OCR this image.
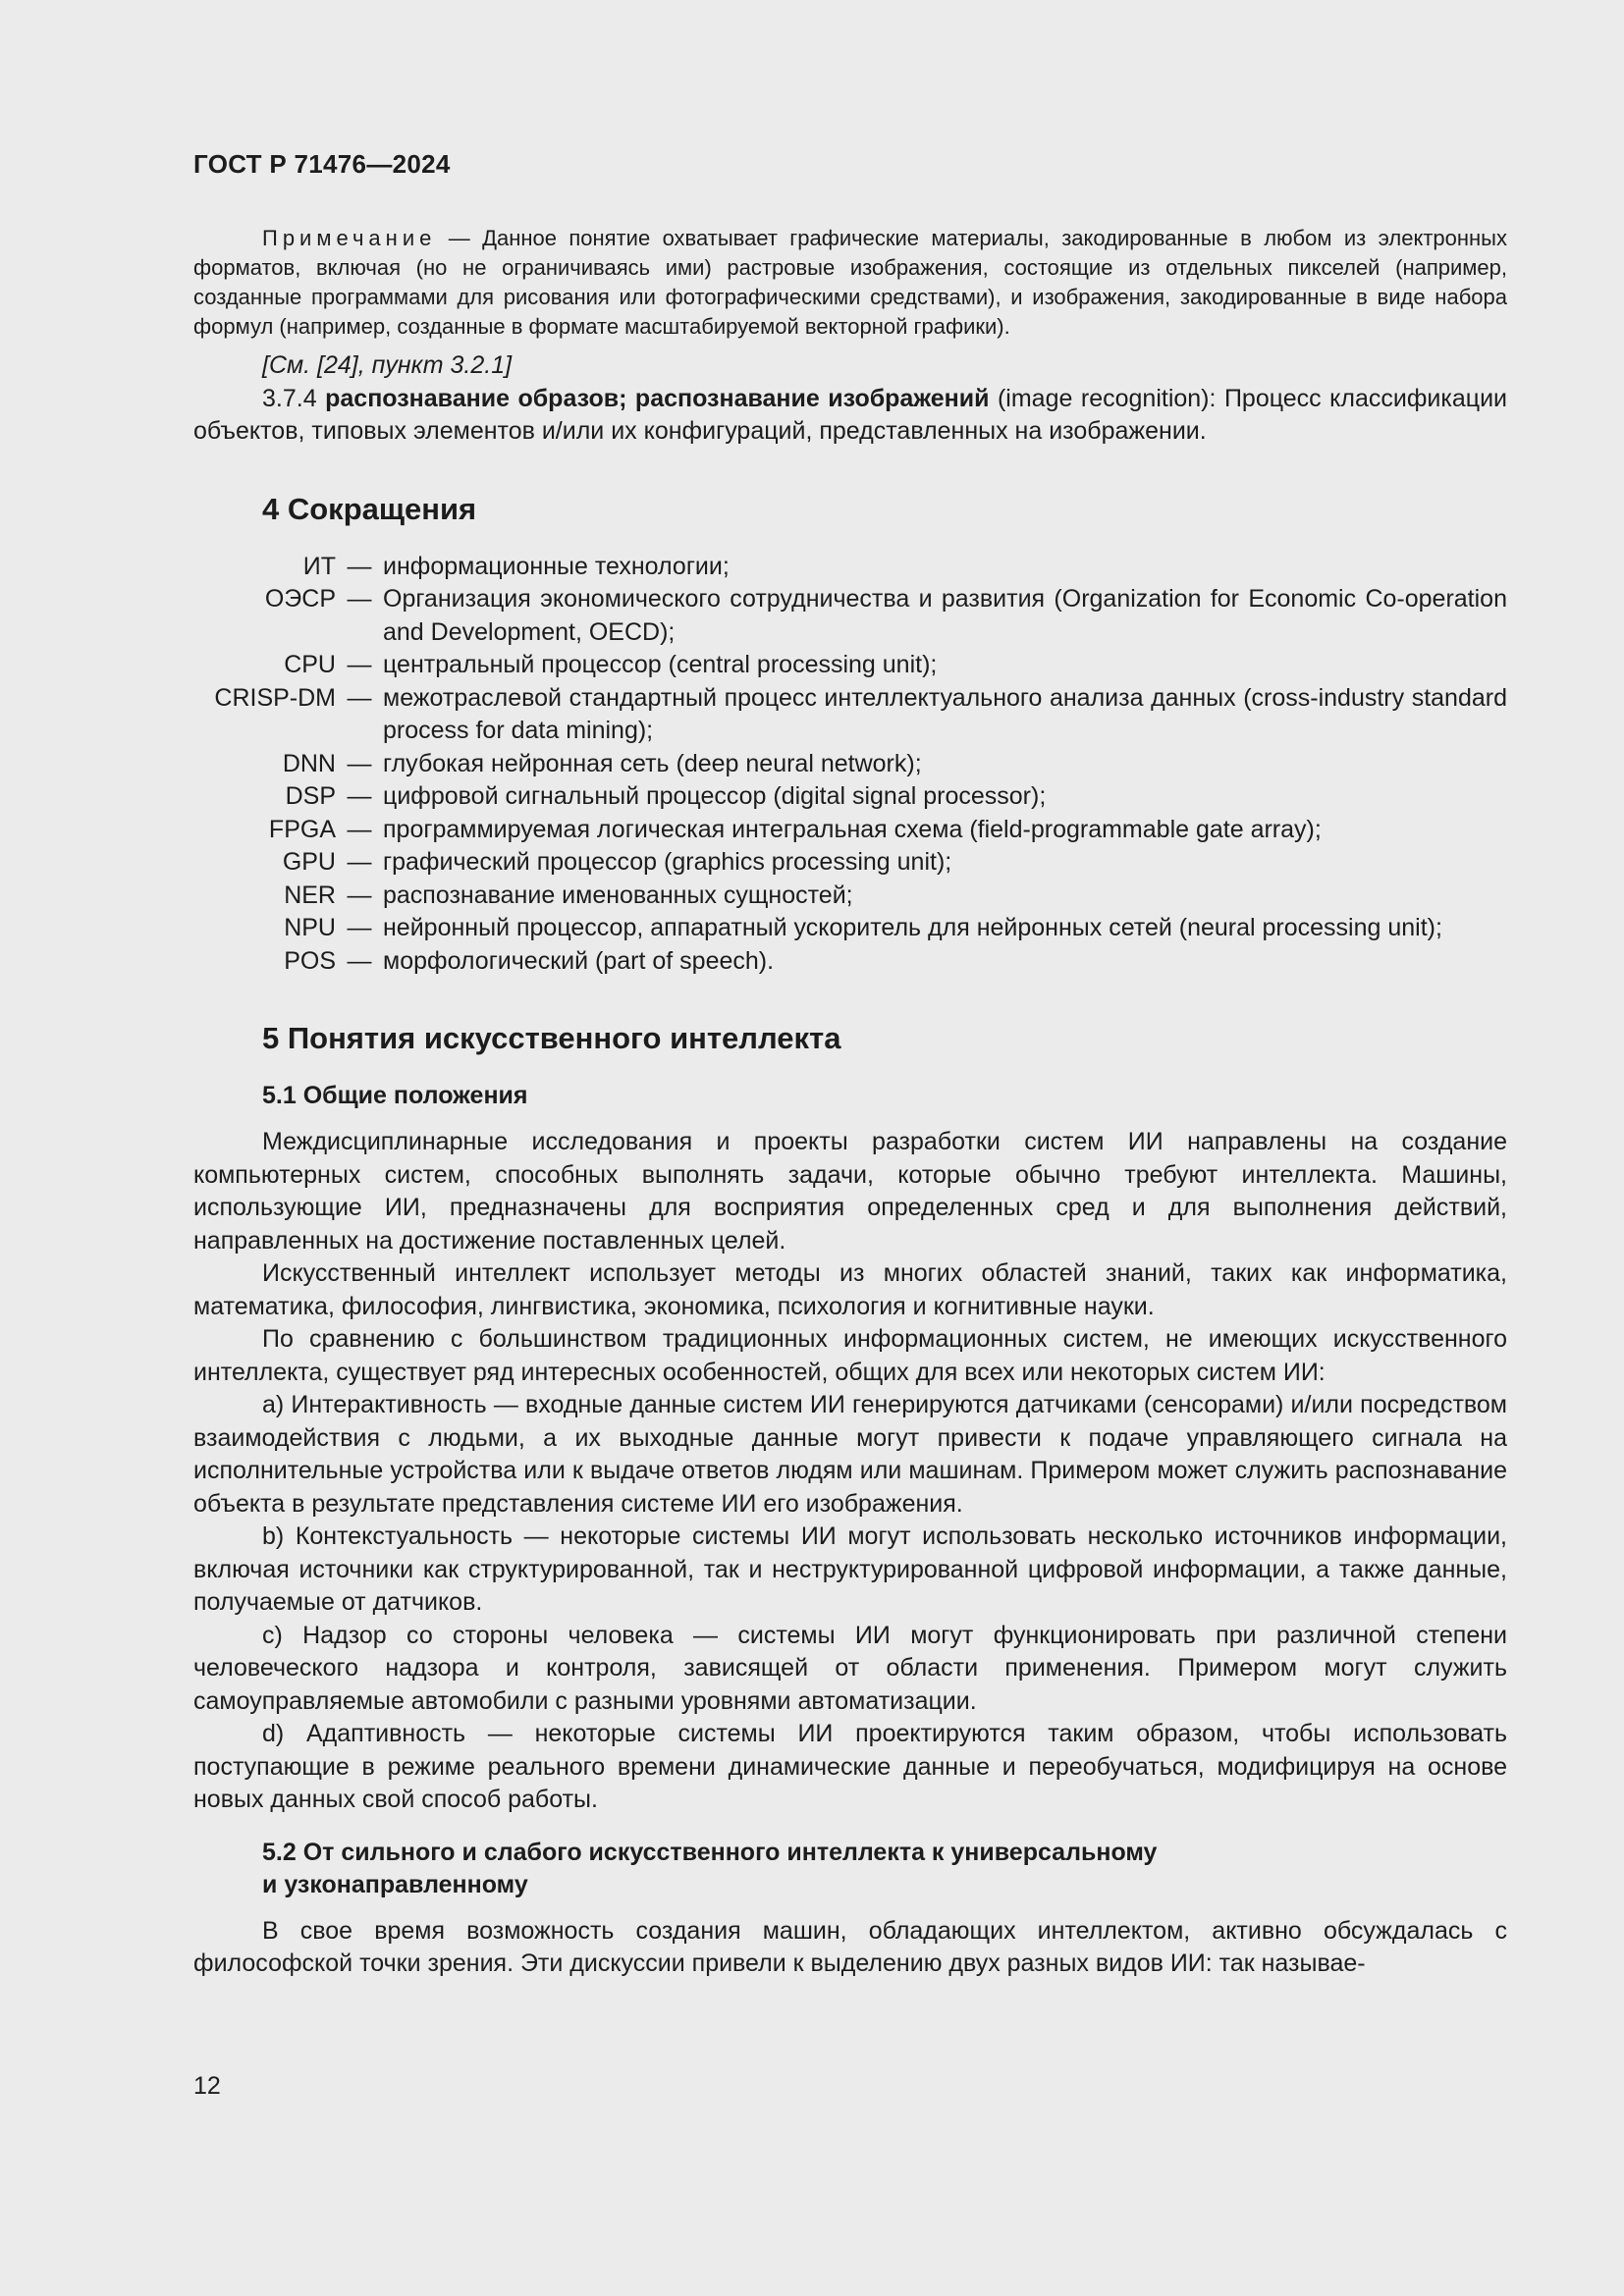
ГОСТ Р 71476—2024

Примечание — Данное понятие охватывает графические материалы, закодированные в любом из электронных форматов, включая (но не ограничиваясь ими) растровые изображения, состоящие из отдельных пикселей (например, созданные программами для рисования или фотографическими средствами), и изображения, закодированные в виде набора формул (например, созданные в формате масштабируемой векторной графики).

[См. [24], пункт 3.2.1]

3.7.4 распознавание образов; распознавание изображений (image recognition): Процесс классификации объектов, типовых элементов и/или их конфигураций, представленных на изображении.

4 Сокращения
ИТ — информационные технологии;
ОЭСР — Организация экономического сотрудничества и развития (Organization for Economic Co-operation and Development, OECD);
CPU — центральный процессор (central processing unit);
CRISP-DM — межотраслевой стандартный процесс интеллектуального анализа данных (cross-industry standard process for data mining);
DNN — глубокая нейронная сеть (deep neural network);
DSP — цифровой сигнальный процессор (digital signal processor);
FPGA — программируемая логическая интегральная схема (field-programmable gate array);
GPU — графический процессор (graphics processing unit);
NER — распознавание именованных сущностей;
NPU — нейронный процессор, аппаратный ускоритель для нейронных сетей (neural processing unit);
POS — морфологический (part of speech).
5 Понятия искусственного интеллекта
5.1 Общие положения

Междисциплинарные исследования и проекты разработки систем ИИ направлены на создание компьютерных систем, способных выполнять задачи, которые обычно требуют интеллекта. Машины, использующие ИИ, предназначены для восприятия определенных сред и для выполнения действий, направленных на достижение поставленных целей.

Искусственный интеллект использует методы из многих областей знаний, таких как информатика, математика, философия, лингвистика, экономика, психология и когнитивные науки.

По сравнению с большинством традиционных информационных систем, не имеющих искусственного интеллекта, существует ряд интересных особенностей, общих для всех или некоторых систем ИИ:

a) Интерактивность — входные данные систем ИИ генерируются датчиками (сенсорами) и/или посредством взаимодействия с людьми, а их выходные данные могут привести к подаче управляющего сигнала на исполнительные устройства или к выдаче ответов людям или машинам. Примером может служить распознавание объекта в результате представления системе ИИ его изображения.

b) Контекстуальность — некоторые системы ИИ могут использовать несколько источников информации, включая источники как структурированной, так и неструктурированной цифровой информации, а также данные, получаемые от датчиков.

c) Надзор со стороны человека — системы ИИ могут функционировать при различной степени человеческого надзора и контроля, зависящей от области применения. Примером могут служить самоуправляемые автомобили с разными уровнями автоматизации.

d) Адаптивность — некоторые системы ИИ проектируются таким образом, чтобы использовать поступающие в режиме реального времени динамические данные и переобучаться, модифицируя на основе новых данных свой способ работы.

5.2 От сильного и слабого искусственного интеллекта к универсальному
и узконаправленному

В свое время возможность создания машин, обладающих интеллектом, активно обсуждалась с философской точки зрения. Эти дискуссии привели к выделению двух разных видов ИИ: так называе-

12
